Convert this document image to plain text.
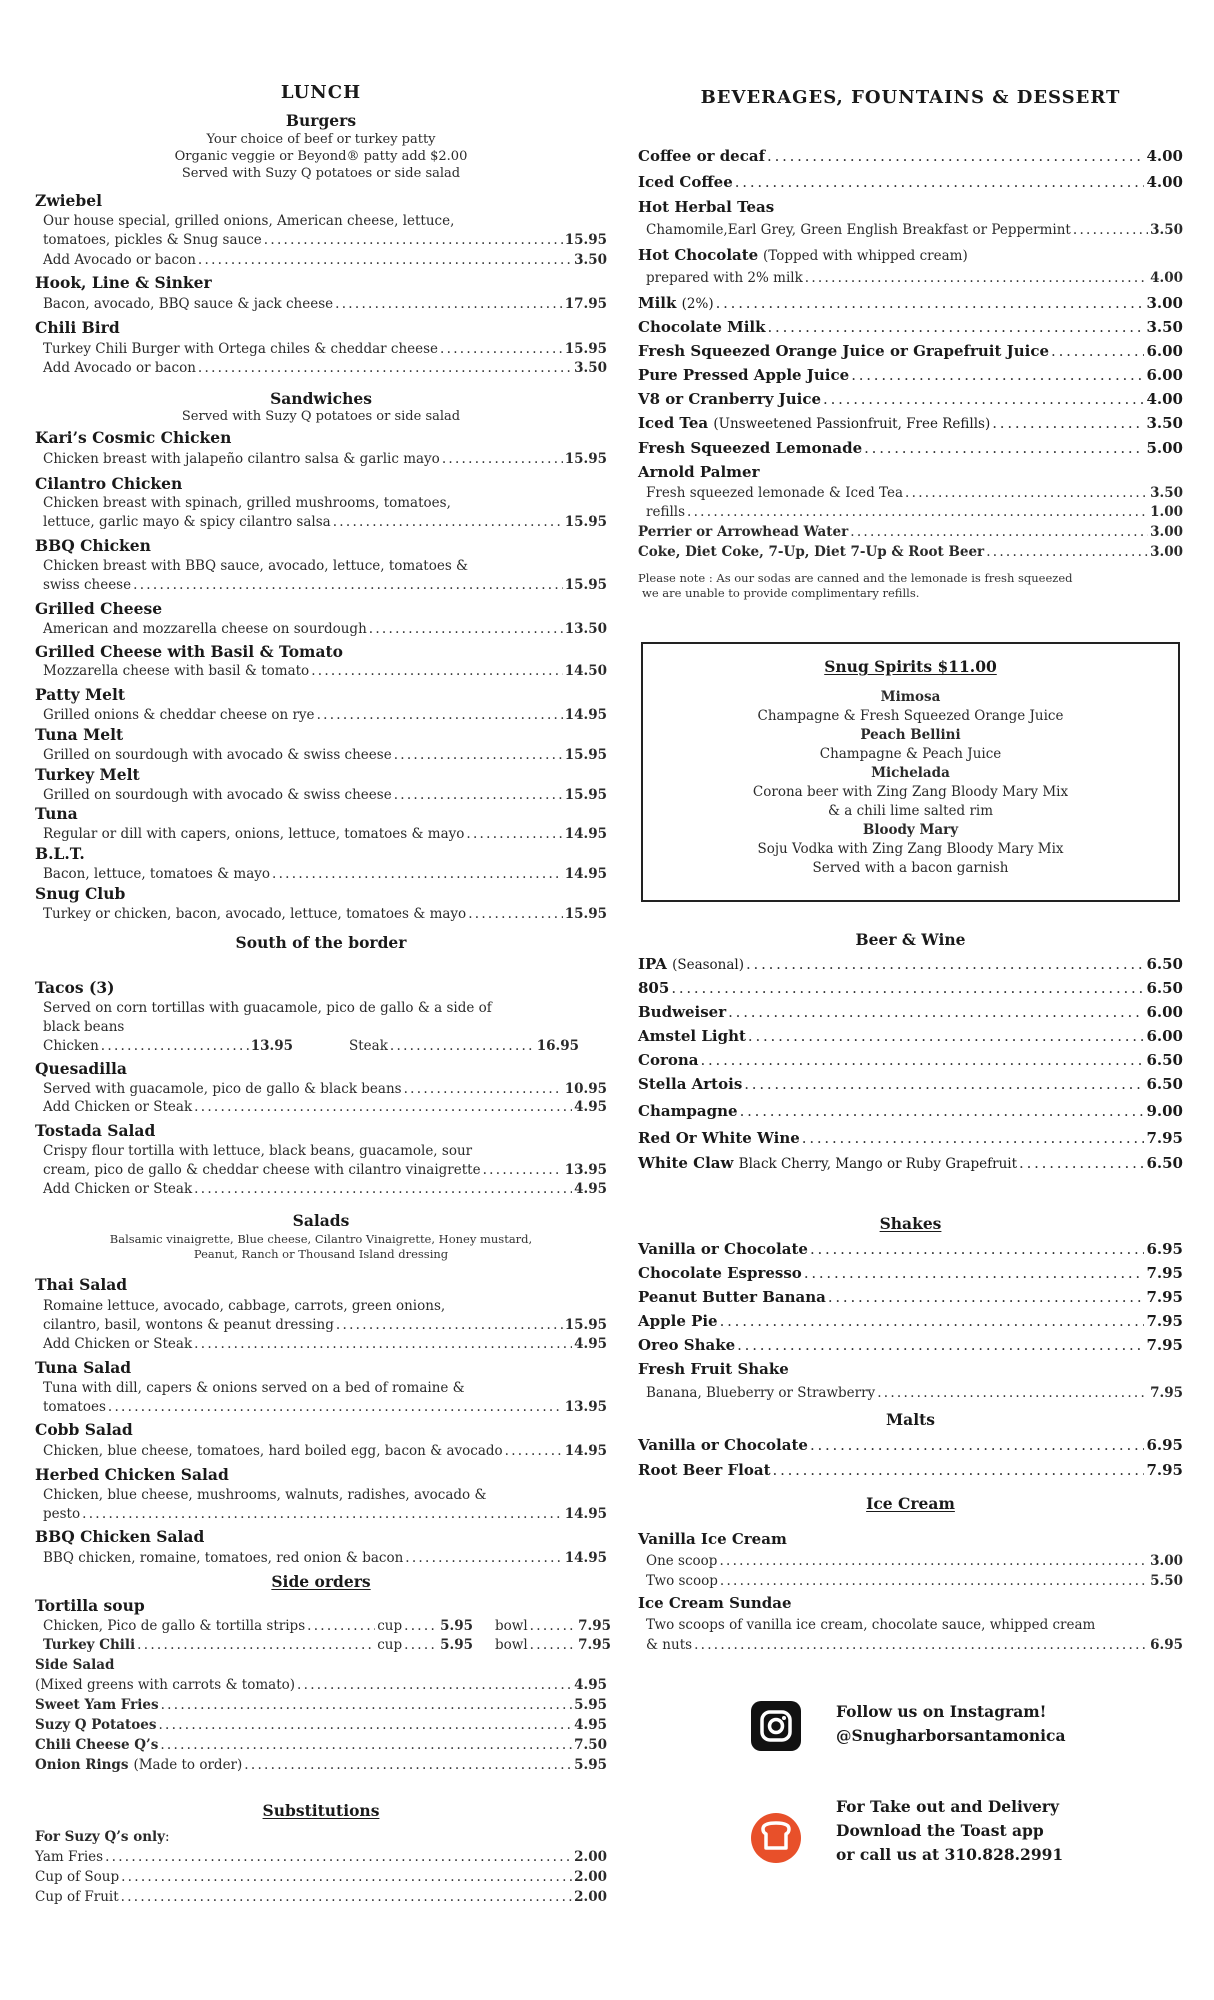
LUNCH
Burgers
Your choice of beef or turkey patty
Organic veggie or Beyond® patty add $2.00
Served with Suzy Q potatoes or side salad
Zwiebel
Our house special, grilled onions, American cheese, lettuce,
tomatoes, pickles & Snug sauce . . .	15.95
Add Avocado or bacon . . .	3.50
Hook, Line & Sinker
Bacon, avocado, BBQ sauce & jack cheese . . .	17.95
Chili Bird
Turkey Chili Burger with Ortega chiles & cheddar cheese . . .	15.95
Add Avocado or bacon . . .	3.50
Sandwiches
Served with Suzy Q potatoes or side salad
Kari’s Cosmic Chicken
Chicken breast with jalapeño cilantro salsa & garlic mayo . . .	15.95
Cilantro Chicken
Chicken breast with spinach, grilled mushrooms, tomatoes,
lettuce, garlic mayo & spicy cilantro salsa . . .	15.95
BBQ Chicken
Chicken breast with BBQ sauce, avocado, lettuce, tomatoes &
swiss cheese . . .	15.95
Grilled Cheese
American and mozzarella cheese on sourdough . . .	13.50
Grilled Cheese with Basil & Tomato
Mozzarella cheese with basil & tomato . . .	14.50
Patty Melt
Grilled onions & cheddar cheese on rye . . .	14.95
Tuna Melt
Grilled on sourdough with avocado & swiss cheese . . .	15.95
Turkey Melt
Grilled on sourdough with avocado & swiss cheese . . .	15.95
Tuna
Regular or dill with capers, onions, lettuce, tomatoes & mayo . . .	14.95
B.L.T.
Bacon, lettuce, tomatoes & mayo . . .	14.95
Snug Club
Turkey or chicken, bacon, avocado, lettuce, tomatoes & mayo . . .	15.95
South of the border
Tacos (3)
Served on corn tortillas with guacamole, pico de gallo & a side of
black beans
Chicken . . .	13.95	Steak . . .	16.95
Quesadilla
Served with guacamole, pico de gallo & black beans . . .	10.95
Add Chicken or Steak . . .	4.95
Tostada Salad
Crispy flour tortilla with lettuce, black beans, guacamole, sour
cream, pico de gallo & cheddar cheese with cilantro vinaigrette . . .	13.95
Add Chicken or Steak . . .	4.95
Salads
Balsamic vinaigrette, Blue cheese, Cilantro Vinaigrette, Honey mustard,
Peanut, Ranch or Thousand Island dressing
Thai Salad
Romaine lettuce, avocado, cabbage, carrots, green onions,
cilantro, basil, wontons & peanut dressing . . .	15.95
Add Chicken or Steak . . .	4.95
Tuna Salad
Tuna with dill, capers & onions served on a bed of romaine &
tomatoes . . .	13.95
Cobb Salad
Chicken, blue cheese, tomatoes, hard boiled egg, bacon & avocado . . .	14.95
Herbed Chicken Salad
Chicken, blue cheese, mushrooms, walnuts, radishes, avocado &
pesto . . .	14.95
BBQ Chicken Salad
BBQ chicken, romaine, tomatoes, red onion & bacon . . .	14.95
Side orders
Tortilla soup
Chicken, Pico de gallo & tortilla strips . . .	cup . . .	5.95 bowl . . .	7.95
Turkey Chili . . .	cup . . .	5.95 bowl . . .	7.95
Side Salad
(Mixed greens with carrots & tomato) . . .	4.95
Sweet Yam Fries . . .	5.95
Suzy Q Potatoes . . .	4.95
Chili Cheese Q’s . . .	7.50
Onion Rings (Made to order) . . .	5.95
Substitutions
For Suzy Q’s only:
Yam Fries . . .	2.00
Cup of Soup . . .	2.00
Cup of Fruit . . .	2.00
BEVERAGES, FOUNTAINS & DESSERT
Coffee or decaf . . .	4.00
Iced Coffee . . .	4.00
Hot Herbal Teas
Chamomile,Earl Grey, Green English Breakfast or Peppermint . . .	3.50
Hot Chocolate (Topped with whipped cream)
prepared with 2% milk . . .	4.00
Milk (2%) . . .	3.00
Chocolate Milk . . .	3.50
Fresh Squeezed Orange Juice or Grapefruit Juice . . .	6.00
Pure Pressed Apple Juice . . .	6.00
V8 or Cranberry Juice . . .	4.00
Iced Tea (Unsweetened Passionfruit, Free Refills) . . .	3.50
Fresh Squeezed Lemonade . . .	5.00
Arnold Palmer
Fresh squeezed lemonade & Iced Tea . . .	3.50
refills . . .	1.00
Perrier or Arrowhead Water . . .	3.00
Coke, Diet Coke, 7-Up, Diet 7-Up & Root Beer . . .	3.00
Please note : As our sodas are canned and the lemonade is fresh squeezed
we are unable to provide complimentary refills.
Snug Spirits $11.00
Mimosa
Champagne & Fresh Squeezed Orange Juice
Peach Bellini
Champagne & Peach Juice
Michelada
Corona beer with Zing Zang Bloody Mary Mix
& a chili lime salted rim
Bloody Mary
Soju Vodka with Zing Zang Bloody Mary Mix
Served with a bacon garnish
Beer & Wine
IPA (Seasonal) . . .	6.50
805 . . .	6.50
Budweiser . . .	6.00
Amstel Light . . .	6.00
Corona . . .	6.50
Stella Artois . . .	6.50
Champagne . . .	9.00
Red Or White Wine . . .	7.95
White Claw Black Cherry, Mango or Ruby Grapefruit . . .	6.50
Shakes
Vanilla or Chocolate . . .	6.95
Chocolate Espresso . . .	7.95
Peanut Butter Banana . . .	7.95
Apple Pie . . .	7.95
Oreo Shake . . .	7.95
Fresh Fruit Shake
Banana, Blueberry or Strawberry . . .	7.95
Malts
Vanilla or Chocolate . . .	6.95
Root Beer Float . . .	7.95
Ice Cream
Vanilla Ice Cream
One scoop . . .	3.00
Two scoop . . .	5.50
Ice Cream Sundae
Two scoops of vanilla ice cream, chocolate sauce, whipped cream
& nuts . . .	6.95
Follow us on Instagram!
@Snugharborsantamonica
For Take out and Delivery
Download the Toast app
or call us at 310.828.2991
